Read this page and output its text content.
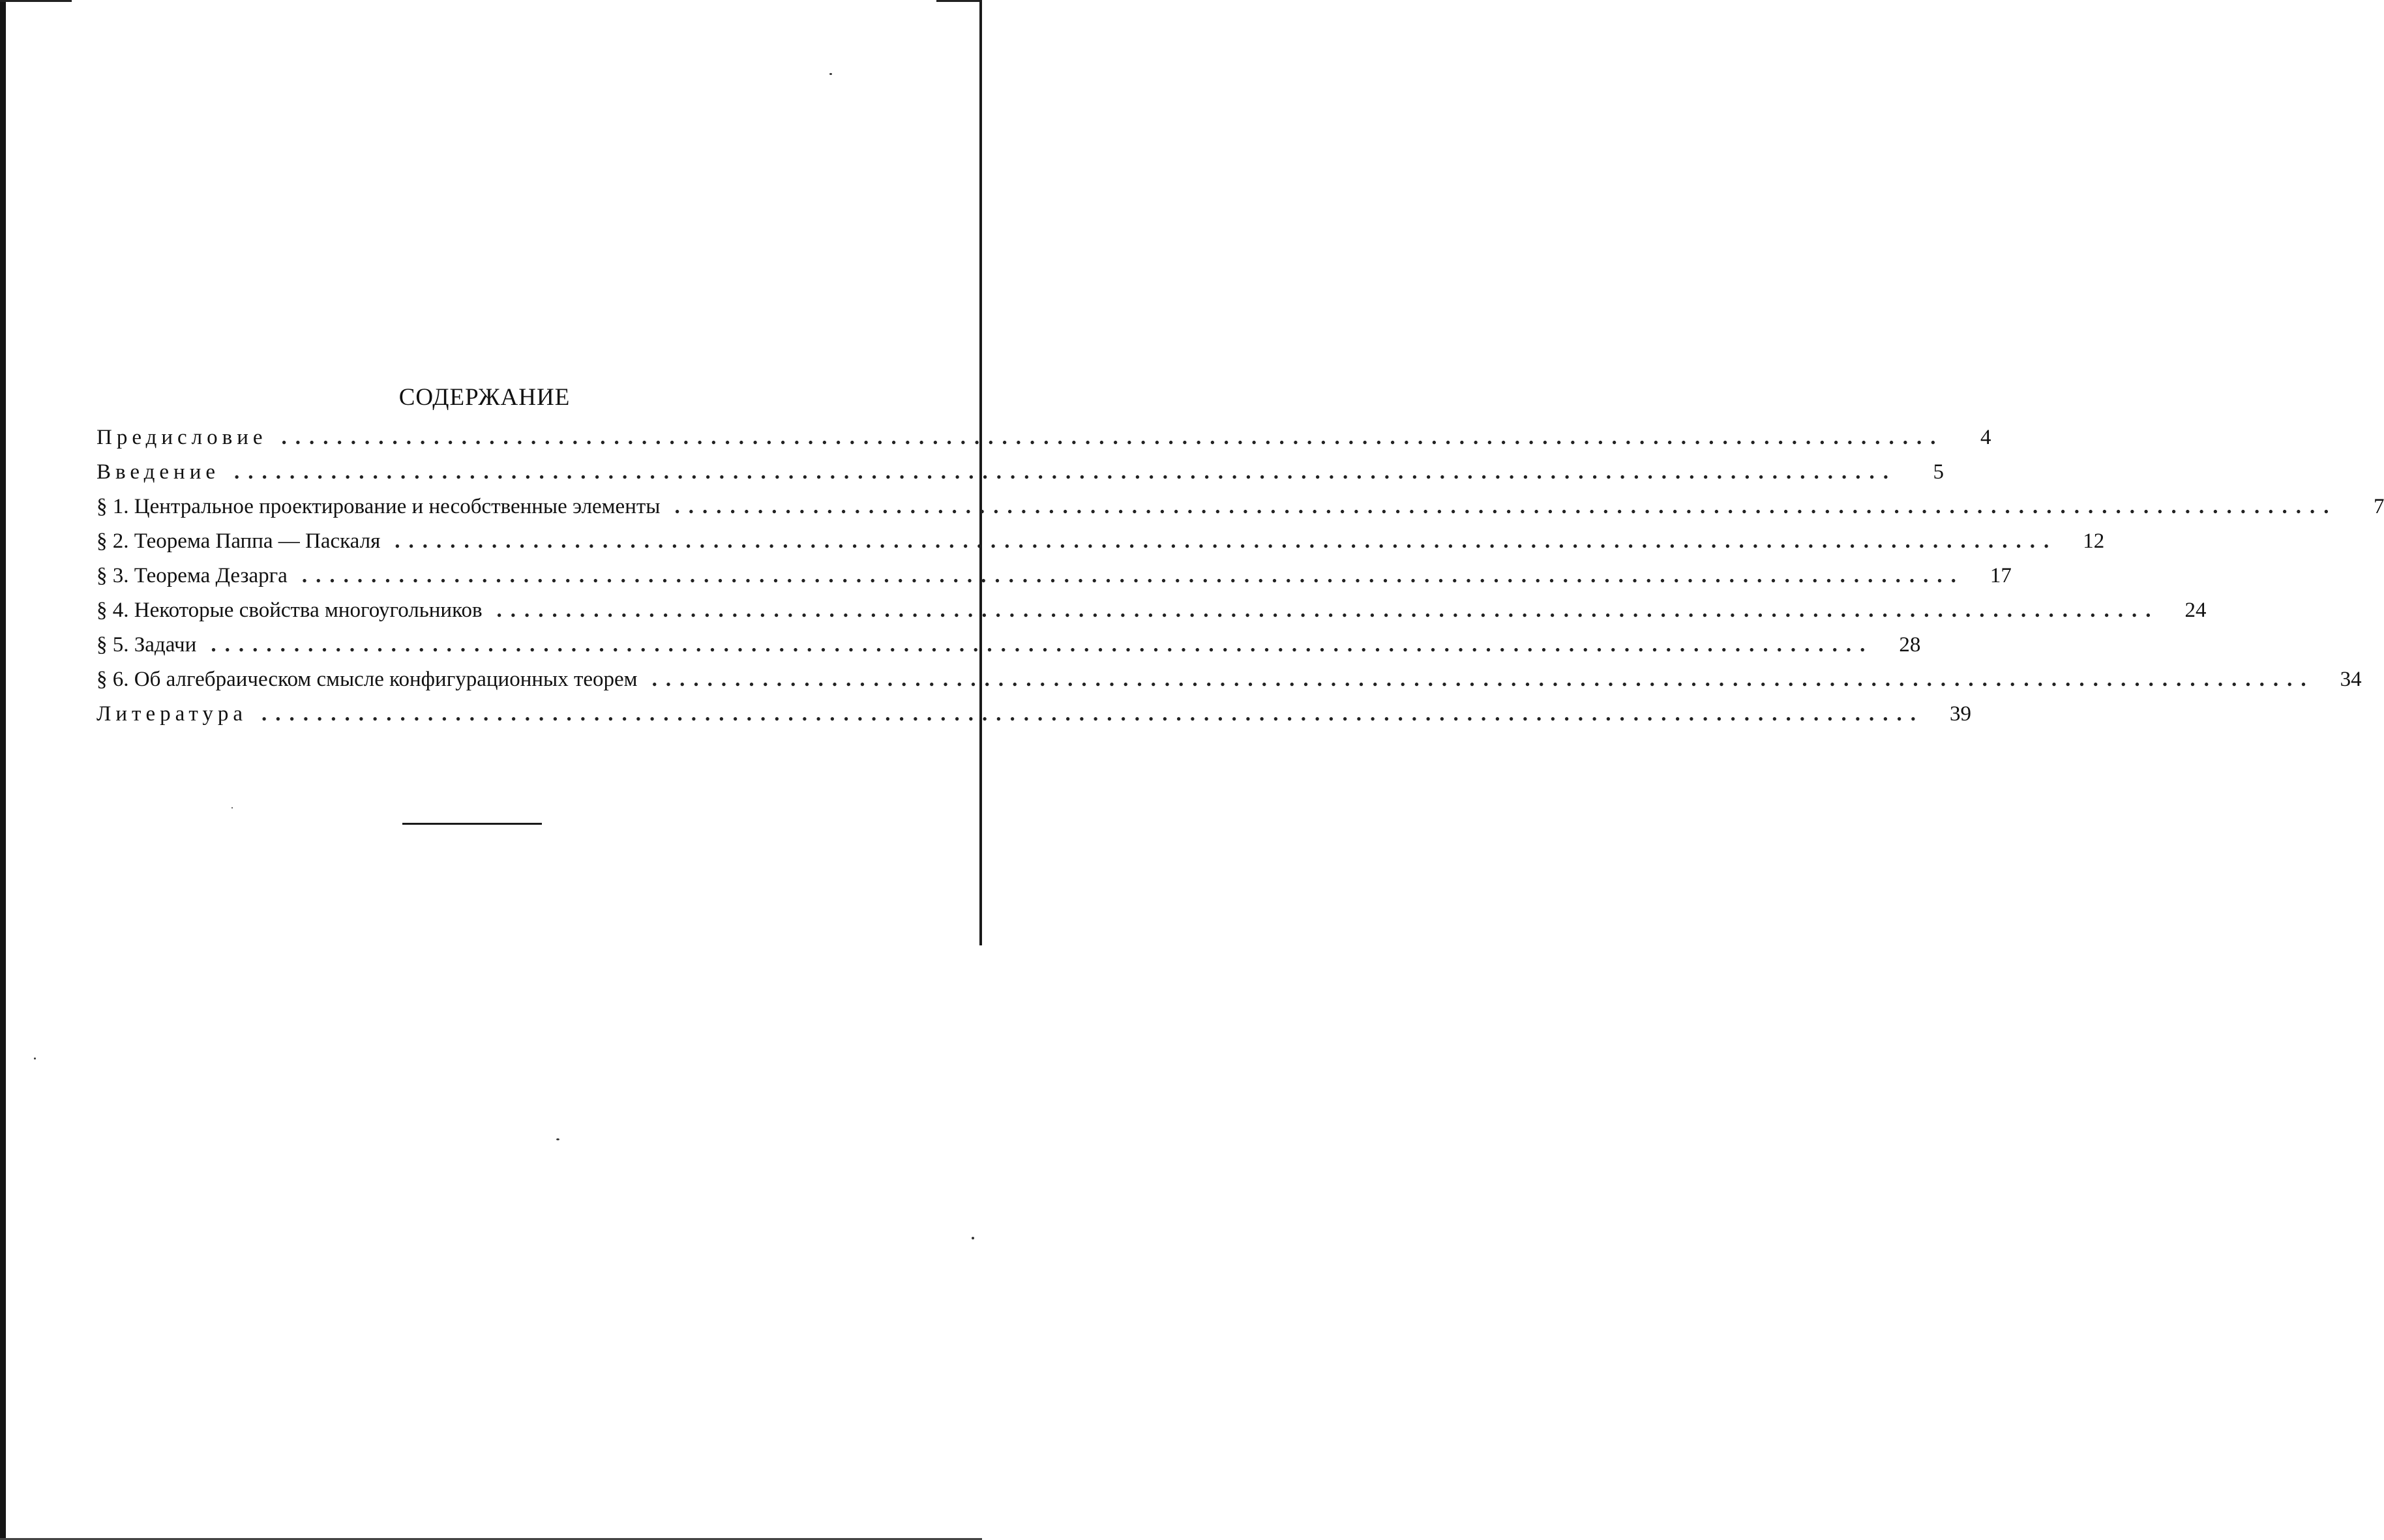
СОДЕРЖАНИЕ
Предисловие ........................................................................................................................	4
Введение ........................................................................................................................	5
§ 1. Центральное проектирование и несобственные элементы ........................................................................................................................	7
§ 2. Теорема Паппа — Паскаля ........................................................................................................................	12
§ 3. Теорема Дезарга ........................................................................................................................	17
§ 4. Некоторые свойства многоугольников ........................................................................................................................	24
§ 5. Задачи ........................................................................................................................	28
§ 6. Об алгебраическом смысле конфигурационных теорем ........................................................................................................................	34
Литература ........................................................................................................................	39
